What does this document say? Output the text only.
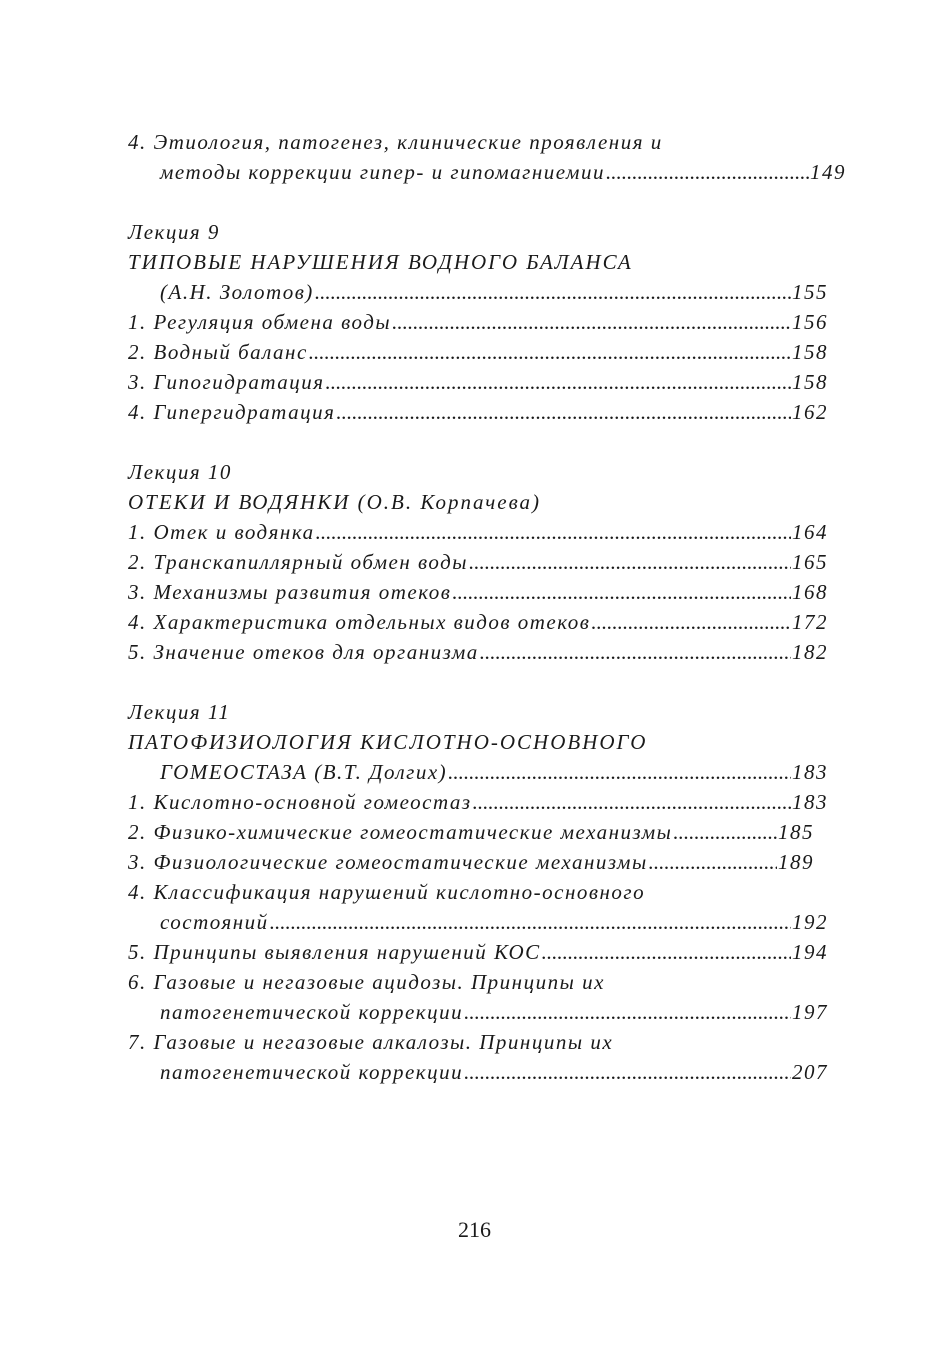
4. Этиология, патогенез, клинические проявления и
методы коррекции гипер- и гипомагниемии .....	149
Лекция 9
ТИПОВЫЕ НАРУШЕНИЯ ВОДНОГО БАЛАНСА
(А.Н. Золотов) .....	155
1. Регуляция обмена воды .....	156
2. Водный баланс .....	158
3. Гипогидратация .....	158
4. Гипергидратация .....	162
Лекция 10
ОТЕКИ И ВОДЯНКИ (О.В. Корпачева)
1. Отек и водянка .....	164
2. Транскапиллярный обмен воды .....	165
3. Механизмы развития отеков .....	168
4. Характеристика отдельных видов отеков .....	172
5. Значение отеков для организма .....	182
Лекция 11
ПАТОФИЗИОЛОГИЯ КИСЛОТНО-ОСНОВНОГО
ГОМЕОСТАЗА (В.Т. Долгих) .....	183
1. Кислотно-основной гомеостаз .....	183
2. Физико-химические гомеостатические механизмы .....	185
3. Физиологические гомеостатические механизмы .....	189
4. Классификация нарушений кислотно-основного
состояний .....	192
5. Принципы выявления нарушений КОС .....	194
6. Газовые и негазовые ацидозы. Принципы их
патогенетической коррекции .....	197
7. Газовые и негазовые алкалозы. Принципы их
патогенетической коррекции .....	207
216
